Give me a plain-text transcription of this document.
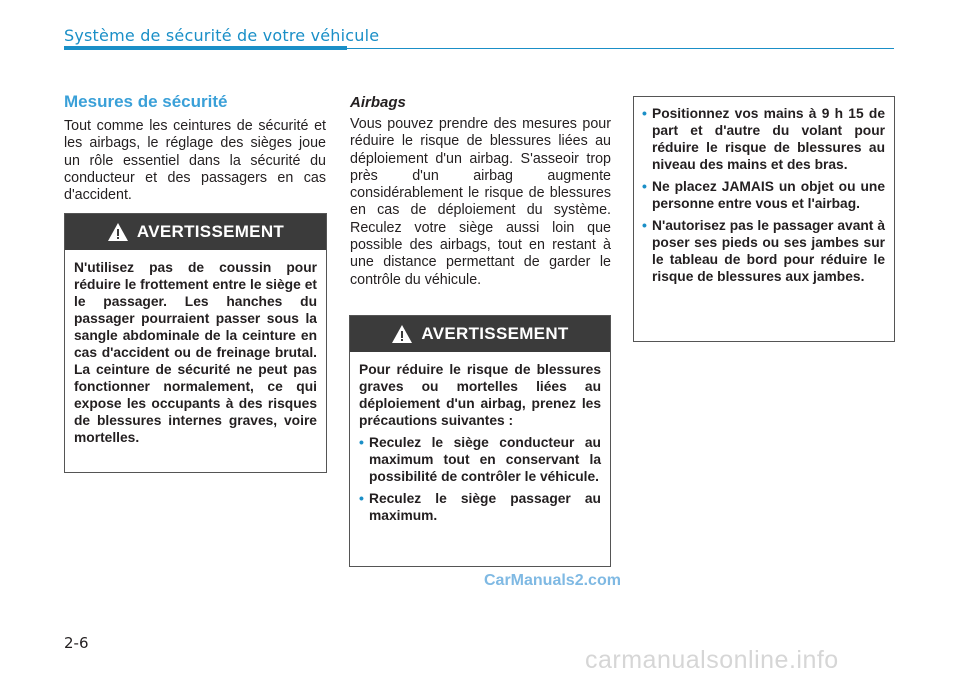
Système de sécurité de votre véhicule
Mesures de sécurité
Tout comme les ceintures de sécurité et les airbags, le réglage des sièges joue un rôle essentiel dans la sécurité du conducteur et des passagers en cas d'accident.
AVERTISSEMENT
N'utilisez pas de coussin pour réduire le frottement entre le siège et le passager. Les hanches du passager pourraient passer sous la sangle abdominale de la ceinture en cas d'accident ou de freinage brutal. La ceinture de sécurité ne peut pas fonctionner normalement, ce qui expose les occupants à des risques de blessures internes graves, voire mortelles.
Airbags
Vous pouvez prendre des mesures pour réduire le risque de blessures liées au déploiement d'un airbag. S'asseoir trop près d'un airbag augmente considérablement le risque de blessures en cas de déploiement du système. Reculez votre siège aussi loin que possible des airbags, tout en restant à une distance permettant de garder le contrôle du véhicule.
AVERTISSEMENT
Pour réduire le risque de blessures graves ou mortelles liées au déploiement d'un airbag, prenez les précautions suivantes :
• Reculez le siège conducteur au maximum tout en conservant la possibilité de contrôler le véhicule.
• Reculez le siège passager au maximum.
• Positionnez vos mains à 9 h 15 de part et d'autre du volant pour réduire le risque de blessures au niveau des mains et des bras.
• Ne placez JAMAIS un objet ou une personne entre vous et l'airbag.
• N'autorisez pas le passager avant à poser ses pieds ou ses jambes sur le tableau de bord pour réduire le risque de blessures aux jambes.
CarManuals2.com
2-6
carmanualsonline.info
